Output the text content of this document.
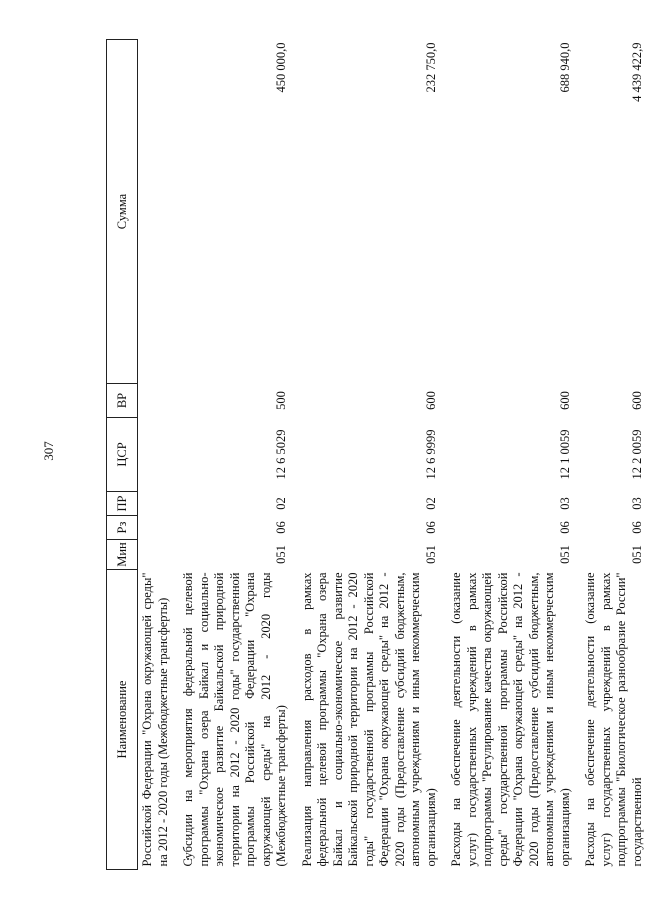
307
Наименование	Мин	Рз	ПР	ЦСР	ВР	Сумма
Российской Федерации "Охрана окружающей среды" на 2012 - 2020 годы (Межбюджетные трансферты)						

Субсидии на мероприятия федеральной целевой программы "Охрана озера Байкал и социально-экономическое развитие Байкальской природной территории на 2012 - 2020 годы" государственной программы Российской Федерации "Охрана окружающей среды" на 2012 - 2020 годы (Межбюджетные трансферты)	051	06	02	12 6 5029	500	450 000,0

Реализация направления расходов в рамках федеральной целевой программы "Охрана озера Байкал и социально-экономическое развитие Байкальской природной территории на 2012 - 2020 годы" государственной программы Российской Федерации "Охрана окружающей среды" на 2012 - 2020 годы (Предоставление субсидий бюджетным, автономным учреждениям и иным некоммерческим организациям)	051	06	02	12 6 9999	600	232 750,0

Расходы на обеспечение деятельности (оказание услуг) государственных учреждений в рамках подпрограммы "Регулирование качества окружающей среды" государственной программы Российской Федерации "Охрана окружающей среды" на 2012 - 2020 годы (Предоставление субсидий бюджетным, автономным учреждениям и иным некоммерческим организациям)	051	06	03	12 1 0059	600	688 940,0

Расходы на обеспечение деятельности (оказание услуг) государственных учреждений в рамках подпрограммы "Биологическое разнообразие России" государственной	051	06	03	12 2 0059	600	4 439 422,9
